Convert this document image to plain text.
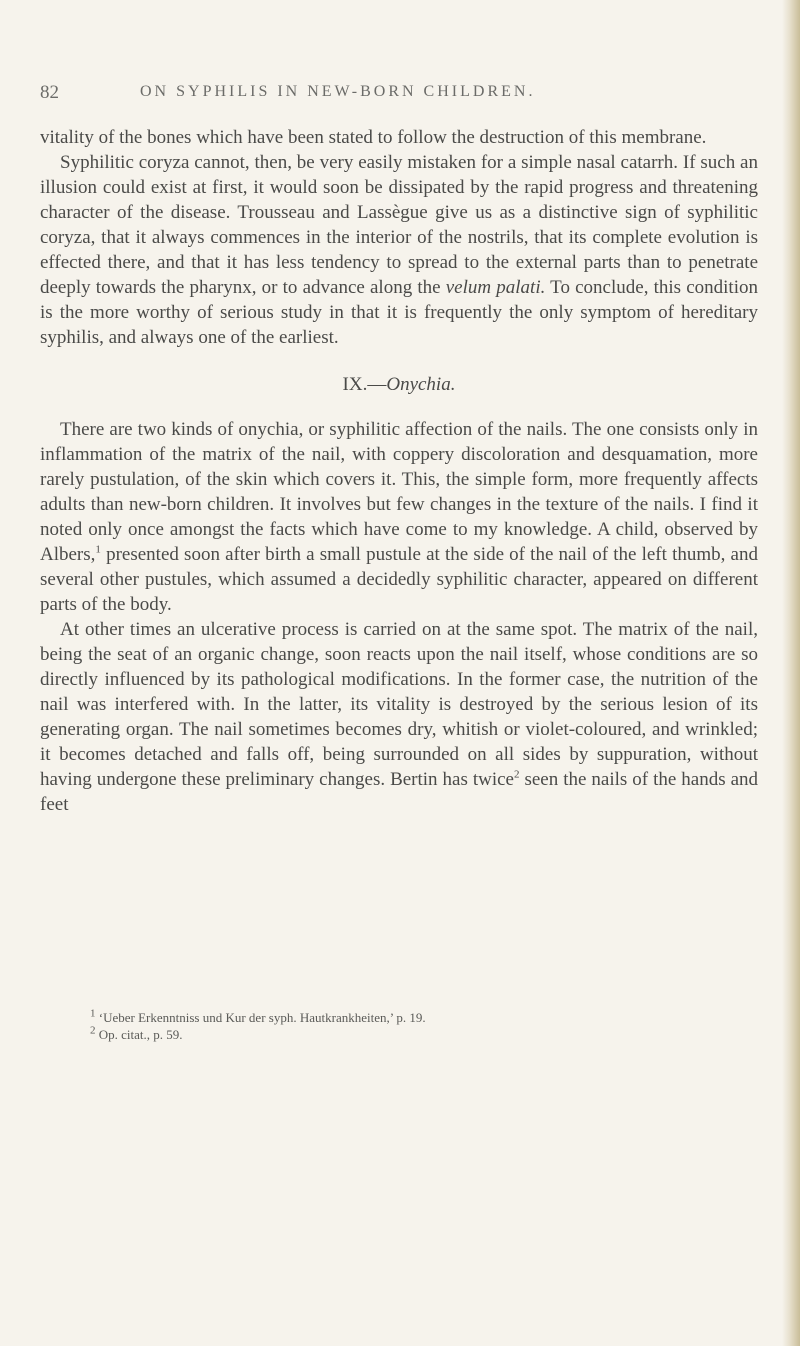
82	ON SYPHILIS IN NEW-BORN CHILDREN.

vitality of the bones which have been stated to follow the destruction of this membrane.

Syphilitic coryza cannot, then, be very easily mistaken for a simple nasal catarrh. If such an illusion could exist at first, it would soon be dissipated by the rapid progress and threatening character of the disease. Trousseau and Lassègue give us as a distinctive sign of syphilitic coryza, that it always commences in the interior of the nostrils, that its complete evolution is effected there, and that it has less tendency to spread to the external parts than to penetrate deeply towards the pharynx, or to advance along the velum palati. To conclude, this condition is the more worthy of serious study in that it is frequently the only symptom of hereditary syphilis, and always one of the earliest.

IX.—Onychia.

There are two kinds of onychia, or syphilitic affection of the nails. The one consists only in inflammation of the matrix of the nail, with coppery discoloration and desquamation, more rarely pustulation, of the skin which covers it. This, the simple form, more frequently affects adults than new-born children. It involves but few changes in the texture of the nails. I find it noted only once amongst the facts which have come to my knowledge. A child, observed by Albers,$^1$ presented soon after birth a small pustule at the side of the nail of the left thumb, and several other pustules, which assumed a decidedly syphilitic character, appeared on different parts of the body.

At other times an ulcerative process is carried on at the same spot. The matrix of the nail, being the seat of an organic change, soon reacts upon the nail itself, whose conditions are so directly influenced by its pathological modifications. In the former case, the nutrition of the nail was interfered with. In the latter, its vitality is destroyed by the serious lesion of its generating organ. The nail sometimes becomes dry, whitish or violet-coloured, and wrinkled; it becomes detached and falls off, being surrounded on all sides by suppuration, without having undergone these preliminary changes. Bertin has twice$^2$ seen the nails of the hands and feet

$^1$ ‘Ueber Erkenntniss und Kur der syph. Hautkrankheiten,’ p. 19.
$^2$ Op. citat., p. 59.
